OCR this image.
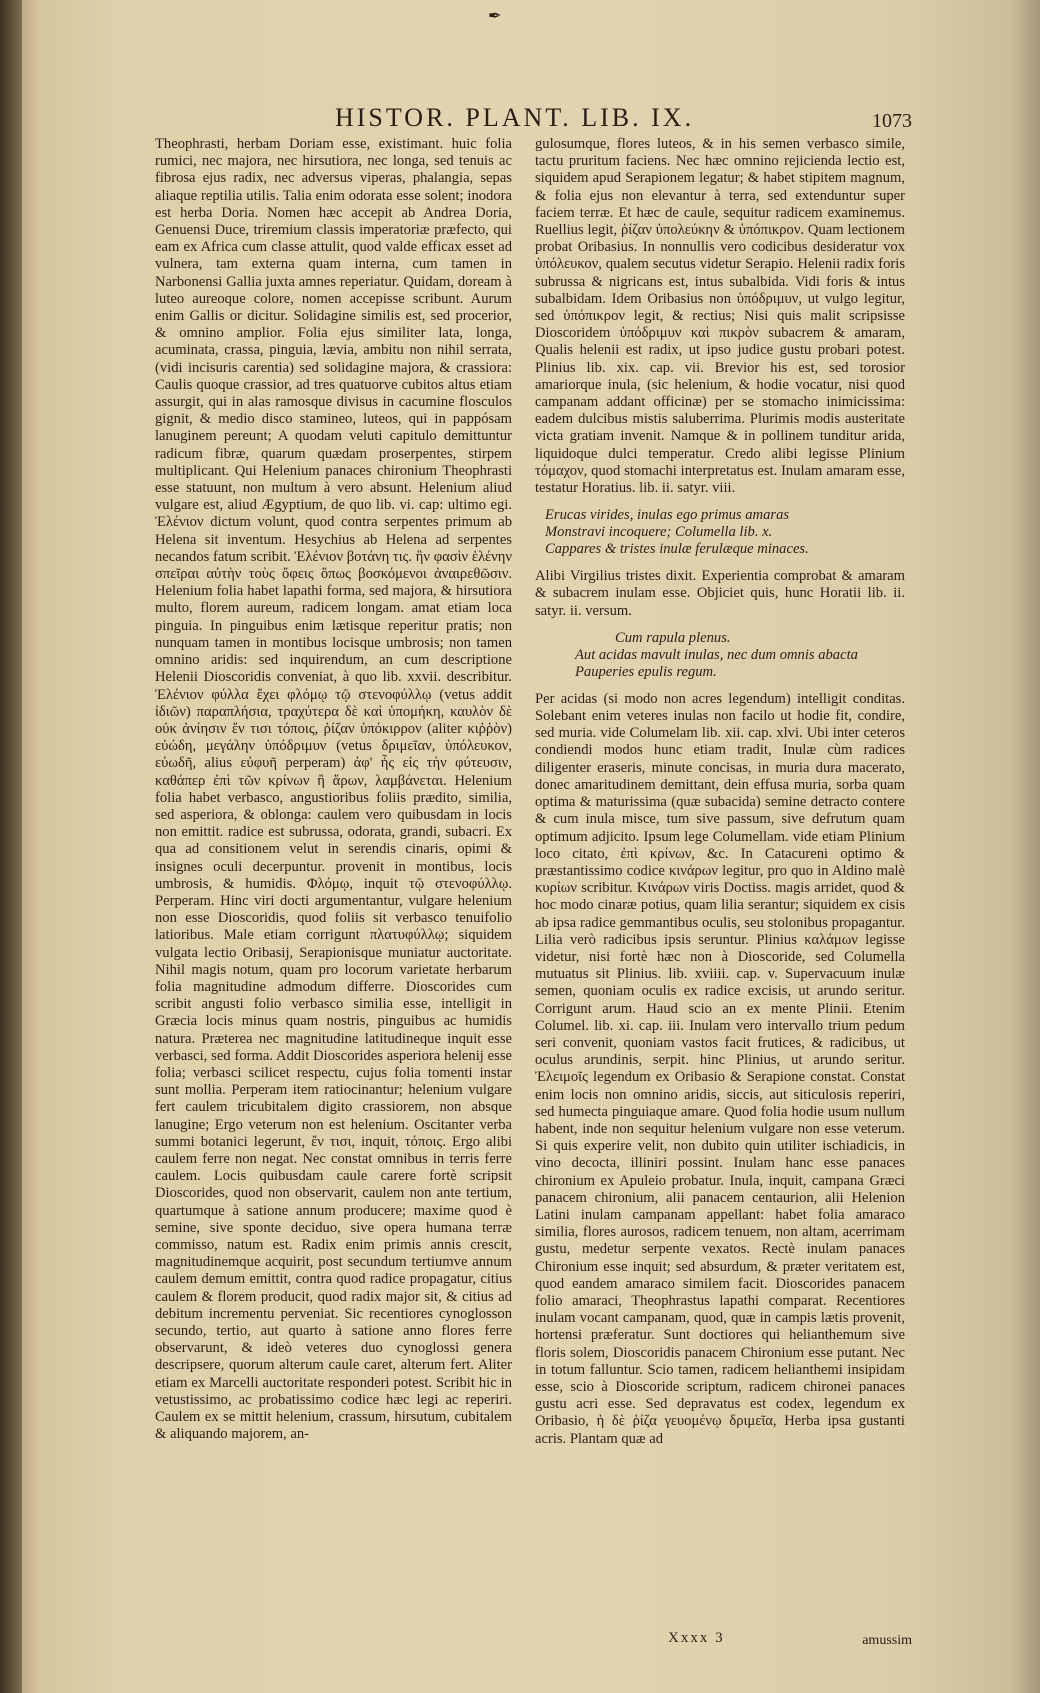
✒
HISTOR. PLANT. LIB. IX.	1073

Theophrasti, herbam Doriam esse, existimant. huic folia rumici, nec majora, nec hirsutiora, nec longa, sed tenuis ac fibrosa ejus radix, nec adversus viperas, phalangia, sepas aliaque reptilia utilis. Talia enim odorata esse solent; inodora est herba Doria. Nomen hæc accepit ab Andrea Doria, Genuensi Duce, triremium classis imperatoriæ præfecto, qui eam ex Africa cum classe attulit, quod valde efficax esset ad vulnera, tam externa quam interna, cum tamen in Narbonensi Gallia juxta amnes reperiatur. Quidam, doream à luteo aureoque colore, nomen accepisse scribunt. Aurum enim Gallis or dicitur. Solidagine similis est, sed procerior, & omnino amplior. Folia ejus similiter lata, longa, acuminata, crassa, pinguia, lævia, ambitu non nihil serrata, (vidi incisuris carentia) sed solidagine majora, & crassiora: Caulis quoque crassior, ad tres quatuorve cubitos altus etiam assurgit, qui in alas ramosque divisus in cacumine flosculos gignit, & medio disco stamineo, luteos, qui in pappósam lanuginem pereunt; A quodam veluti capitulo demittuntur radicum fibræ, quarum quædam proserpentes, stirpem multiplicant. Qui Helenium panaces chironium Theophrasti esse statuunt, non multum à vero absunt. Helenium aliud vulgare est, aliud Ægyptium, de quo lib. vi. cap: ultimo egi. Ἑλένιον dictum volunt, quod contra serpentes primum ab Helena sit inventum. Hesychius ab Helena ad serpentes necandos fatum scribit. Ἑλένιον βοτάνη τις. ἣν φασὶν ἑλένην σπεῖραι αὐτὴν τοὺς ὄφεις ὅπως βοσκόμενοι ἀναιρεθῶσιν. Helenium folia habet lapathi forma, sed majora, & hirsutiora multo, florem aureum, radicem longam. amat etiam loca pinguia. In pinguibus enim lætisque reperitur pratis; non nunquam tamen in montibus locisque umbrosis; non tamen omnino aridis: sed inquirendum, an cum descriptione Helenii Dioscoridis conveniat, à quo lib. xxvii. describitur. Ἑλένιον φύλλα ἔχει φλόμῳ τῷ στενοφύλλῳ (vetus addit ἰδιῶν) παραπλήσια, τραχύτερα δὲ καὶ ὑπομήκη, καυλὸν δὲ οὐκ ἀνίησιν ἔν τισι τόποις, ῥίζαν ὑπόκιρρον (aliter κιῤῥὸν) εὐώδη, μεγάλην ὑπόδριμυν (vetus δριμεῖαν, ὑπόλευκον, εὐωδῆ, alius εὐφυῆ perperam) ἀφ' ἧς εἰς τὴν φύτευσιν, καθάπερ ἐπὶ τῶν κρίνων ἢ ἄρων, λαμβάνεται. Helenium folia habet verbasco, angustioribus foliis prædito, similia, sed asperiora, & oblonga: caulem vero quibusdam in locis non emittit. radice est subrussa, odorata, grandi, subacri. Ex qua ad consitionem velut in serendis cinaris, opimi & insignes oculi decerpuntur. provenit in montibus, locis umbrosis, & humidis. Φλόμῳ, inquit τῷ στενοφύλλῳ. Perperam. Hinc viri docti argumentantur, vulgare helenium non esse Dioscoridis, quod foliis sit verbasco tenuifolio latioribus. Male etiam corrigunt πλατυφύλλῳ; siquidem vulgata lectio Oribasij, Serapionisque muniatur auctoritate. Nihil magis notum, quam pro locorum varietate herbarum folia magnitudine admodum differre. Dioscorides cum scribit angusti folio verbasco similia esse, intelligit in Græcia locis minus quam nostris, pinguibus ac humidis natura. Præterea nec magnitudine latitudineque inquit esse verbasci, sed forma. Addit Dioscorides asperiora helenij esse folia; verbasci scilicet respectu, cujus folia tomenti instar sunt mollia. Perperam item ratiocinantur; helenium vulgare fert caulem tricubitalem digito crassiorem, non absque lanugine; Ergo veterum non est helenium. Oscitanter verba summi botanici legerunt, ἔν τισι, inquit, τόποις. Ergo alibi caulem ferre non negat. Nec constat omnibus in terris ferre caulem. Locis quibusdam caule carere fortè scripsit Dioscorides, quod non observarit, caulem non ante tertium, quartumque à satione annum producere; maxime quod è semine, sive sponte deciduo, sive opera humana terræ commisso, natum est. Radix enim primis annis crescit, magnitudinemque acquirit, post secundum tertiumve annum caulem demum emittit, contra quod radice propagatur, citius caulem & florem producit, quod radix major sit, & citius ad debitum incrementu perveniat. Sic recentiores cynoglosson secundo, tertio, aut quarto à satione anno flores ferre observarunt, & ideò veteres duo cynoglossi genera descripsere, quorum alterum caule caret, alterum fert. Aliter etiam ex Marcelli auctoritate responderi potest. Scribit hic in vetustissimo, ac probatissimo codice hæc legi ac reperiri. Caulem ex se mittit helenium, crassum, hirsutum, cubitalem & aliquando majorem, an-

gulosumque, flores luteos, & in his semen verbasco simile, tactu pruritum faciens. Nec hæc omnino rejicienda lectio est, siquidem apud Serapionem legatur; & habet stipitem magnum, & folia ejus non elevantur à terra, sed extenduntur super faciem terræ. Et hæc de caule, sequitur radicem examinemus. Ruellius legit, ῥίζαν ὑπολεύκην & ὑπόπικρον. Quam lectionem probat Oribasius. In nonnullis vero codicibus desideratur vox ὑπόλευκον, qualem secutus videtur Serapio. Helenii radix foris subrussa & nigricans est, intus subalbida. Vidi foris & intus subalbidam. Idem Oribasius non ὑπόδριμυν, ut vulgo legitur, sed ὑπόπικρον legit, & rectius; Nisi quis malit scripsisse Dioscoridem ὑπόδριμυν καὶ πικρὸν subacrem & amaram, Qualis helenii est radix, ut ipso judice gustu probari potest. Plinius lib. xix. cap. vii. Brevior his est, sed torosior amariorque inula, (sic helenium, & hodie vocatur, nisi quod campanam addant officinæ) per se stomacho inimicissima: eadem dulcibus mistis saluberrima. Plurimis modis austeritate victa gratiam invenit. Namque & in pollinem tunditur arida, liquidoque dulci temperatur. Credo alibi legisse Plinium τόμαχον, quod stomachi interpretatus est. Inulam amaram esse, testatur Horatius. lib. ii. satyr. viii.

Erucas virides, inulas ego primus amaras
Monstravi incoquere; Columella lib. x.
Cappares & tristes inulæ ferulæque minaces.

Alibi Virgilius tristes dixit. Experientia comprobat & amaram & subacrem inulam esse. Objiciet quis, hunc Horatii lib. ii. satyr. ii. versum.

Cum rapula plenus.
Aut acidas mavult inulas, nec dum omnis abacta
Pauperies epulis regum.

Per acidas (si modo non acres legendum) intelligit conditas. Solebant enim veteres inulas non facilo ut hodie fit, condire, sed muria. vide Columelam lib. xii. cap. xlvi. Ubi inter ceteros condiendi modos hunc etiam tradit, Inulæ cùm radices diligenter eraseris, minute concisas, in muria dura macerato, donec amaritudinem demittant, dein effusa muria, sorba quam optima & maturissima (quæ subacida) semine detracto contere & cum inula misce, tum sive passum, sive defrutum quam optimum adjicito. Ipsum lege Columellam. vide etiam Plinium loco citato, ἐπὶ κρίνων, &c. In Catacureni optimo & præstantissimo codice κινάρων legitur, pro quo in Aldino malè κυρίων scribitur. Κινάρων viris Doctiss. magis arridet, quod & hoc modo cinaræ potius, quam lilia serantur; siquidem ex cisis ab ipsa radice gemmantibus oculis, seu stolonibus propagantur. Lilia verò radicibus ipsis seruntur. Plinius καλάμων legisse videtur, nisi fortè hæc non à Dioscoride, sed Columella mutuatus sit Plinius. lib. xviiii. cap. v. Supervacuum inulæ semen, quoniam oculis ex radice excisis, ut arundo seritur. Corrigunt arum. Haud scio an ex mente Plinii. Etenim Columel. lib. xi. cap. iii. Inulam vero intervallo trium pedum seri convenit, quoniam vastos facit frutices, & radicibus, ut oculus arundinis, serpit. hinc Plinius, ut arundo seritur. Ἐλειμοῖς legendum ex Oribasio & Serapione constat. Constat enim locis non omnino aridis, siccis, aut siticulosis reperiri, sed humecta pinguiaque amare. Quod folia hodie usum nullum habent, inde non sequitur helenium vulgare non esse veterum. Si quis experire velit, non dubito quin utiliter ischiadicis, in vino decocta, illiniri possint. Inulam hanc esse panaces chironium ex Apuleio probatur. Inula, inquit, campana Græci panacem chironium, alii panacem centaurion, alii Helenion Latini inulam campanam appellant: habet folia amaraco similia, flores aurosos, radicem tenuem, non altam, acerrimam gustu, medetur serpente vexatos. Rectè inulam panaces Chironium esse inquit; sed absurdum, & præter veritatem est, quod eandem amaraco similem facit. Dioscorides panacem folio amaraci, Theophrastus lapathi comparat. Recentiores inulam vocant campanam, quod, quæ in campis lætis provenit, hortensi præferatur. Sunt doctiores qui helianthemum sive floris solem, Dioscoridis panacem Chironium esse putant. Nec in totum falluntur. Scio tamen, radicem helianthemi insipidam esse, scio à Dioscoride scriptum, radicem chironei panaces gustu acri esse. Sed depravatus est codex, legendum ex Oribasio, ἡ δὲ ῥίζα γευομένῳ δριμεῖα, Herba ipsa gustanti acris. Plantam quæ ad

Xxxx 3	amussim
